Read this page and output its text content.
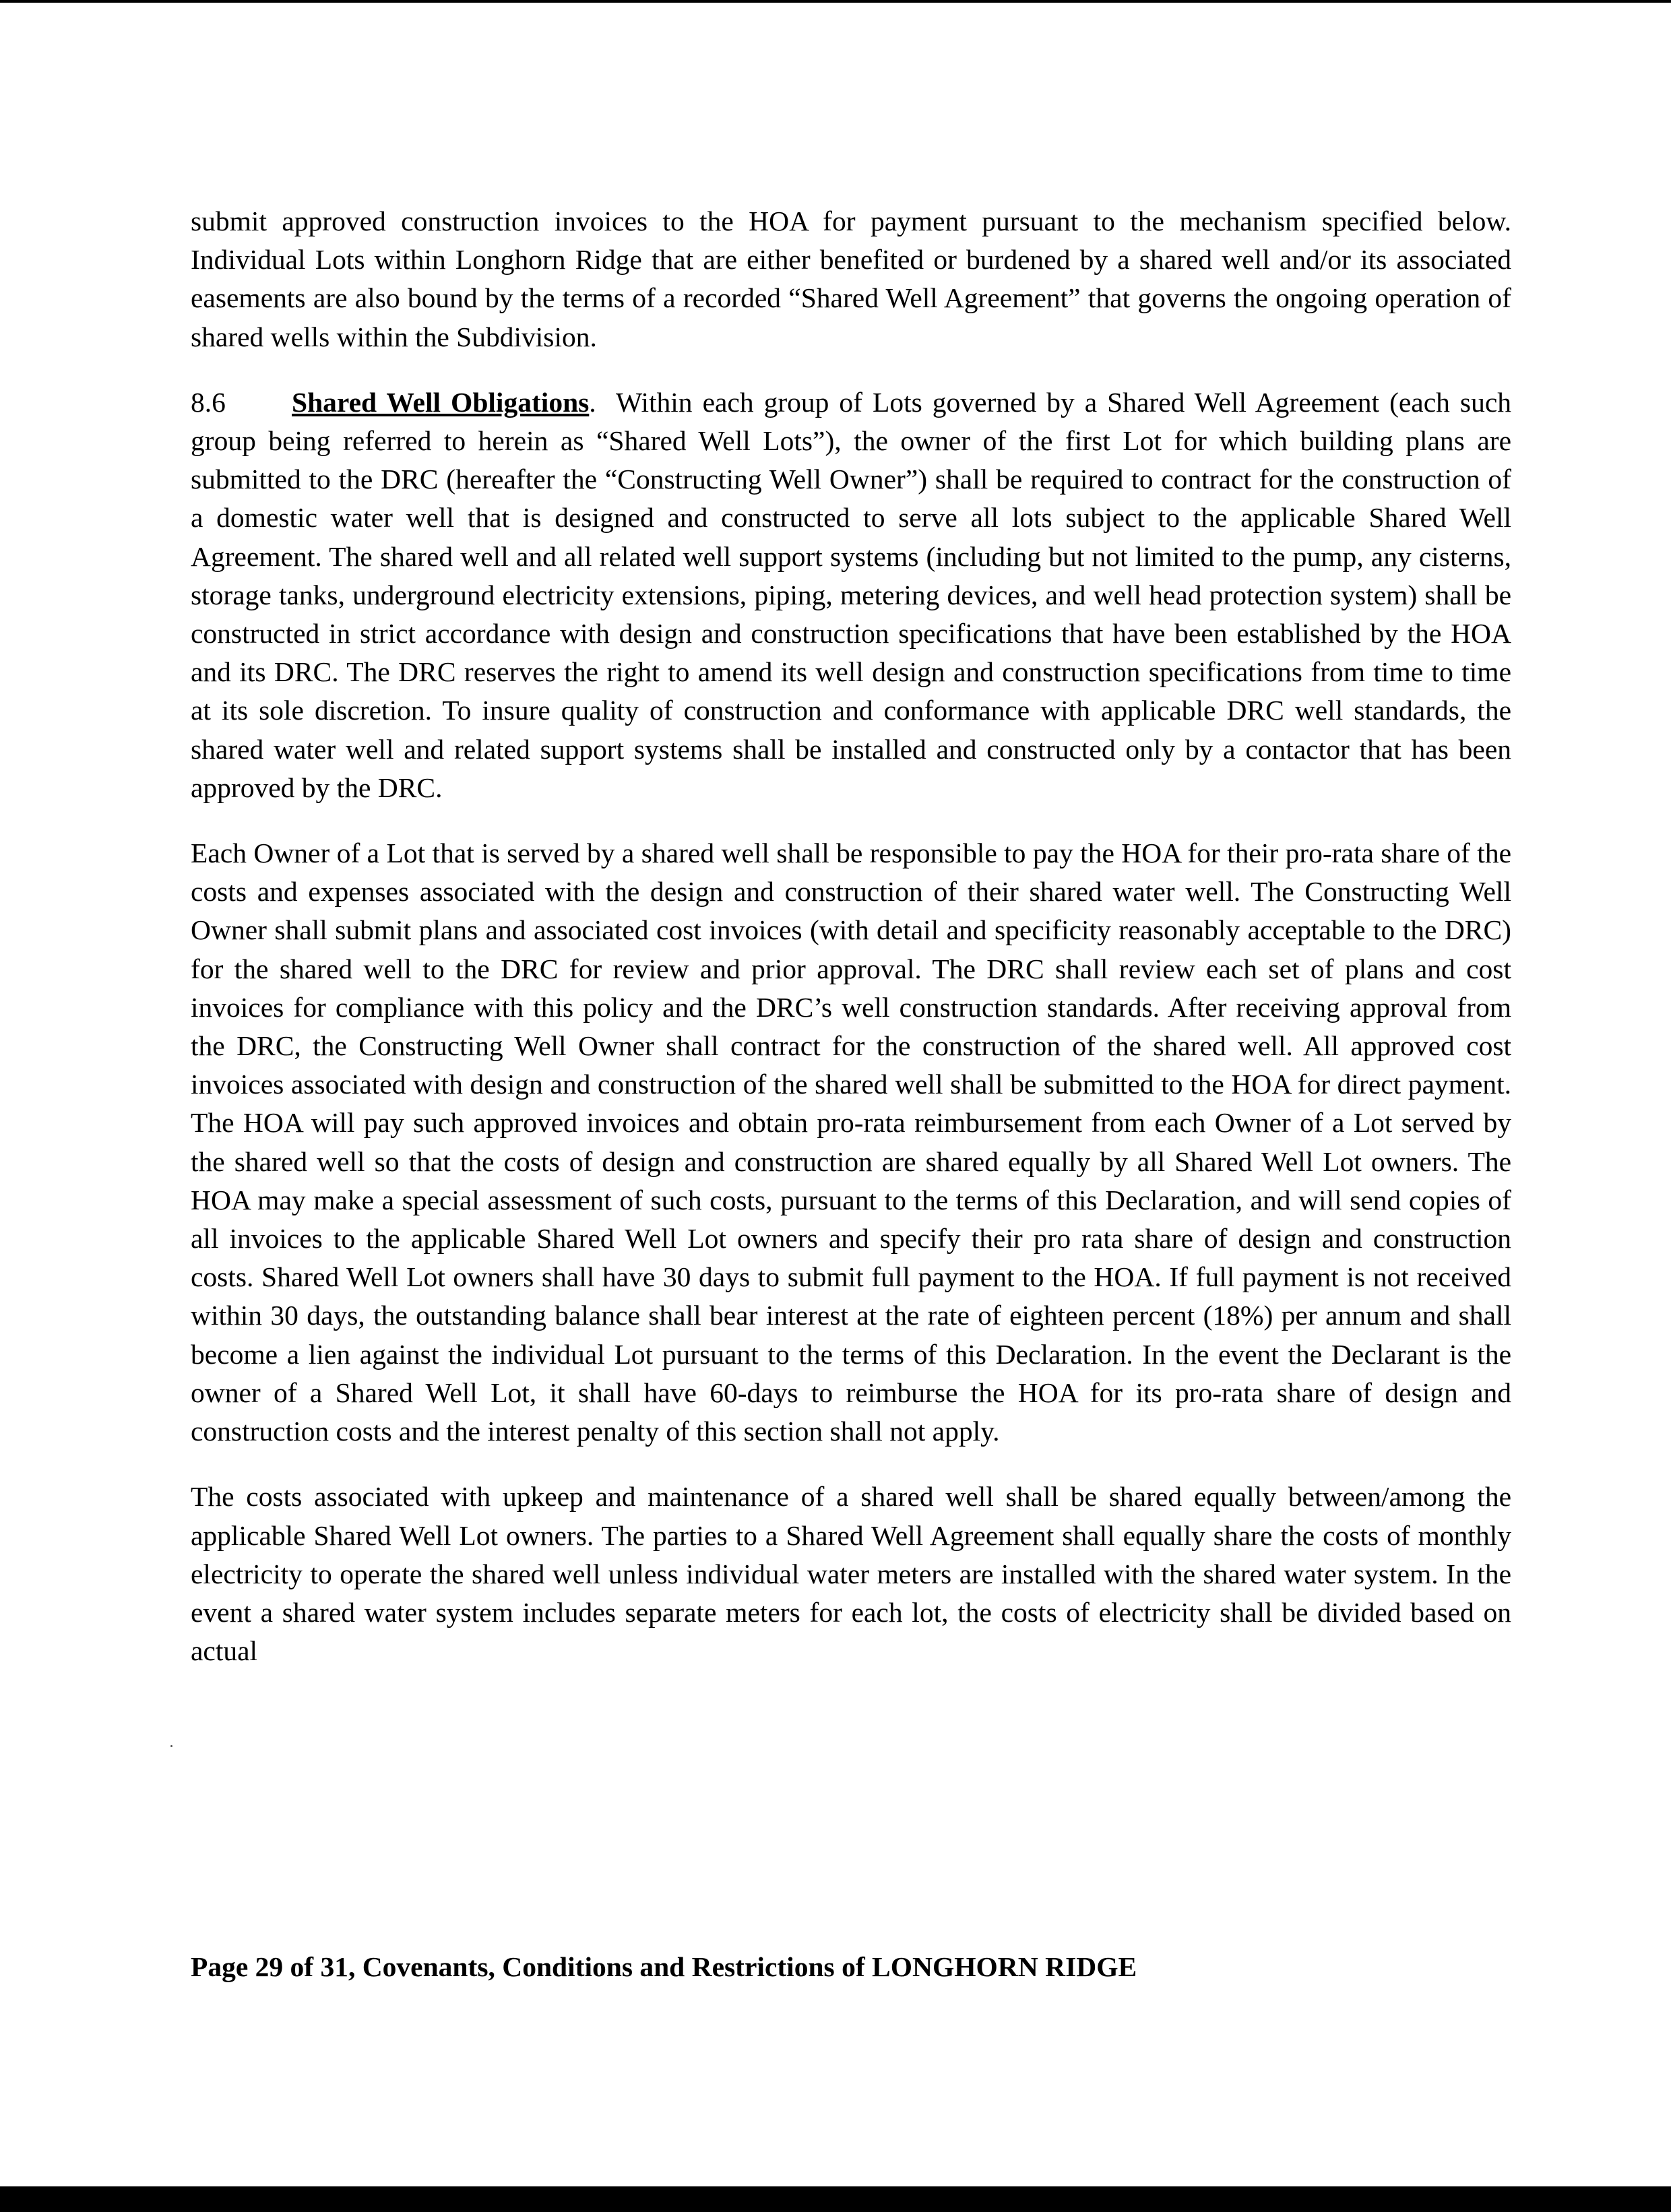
submit approved construction invoices to the HOA for payment pursuant to the mechanism specified below. Individual Lots within Longhorn Ridge that are either benefited or burdened by a shared well and/or its associated easements are also bound by the terms of a recorded “Shared Well Agreement” that governs the ongoing operation of shared wells within the Subdivision.

8.6 Shared Well Obligations. Within each group of Lots governed by a Shared Well Agreement (each such group being referred to herein as “Shared Well Lots”), the owner of the first Lot for which building plans are submitted to the DRC (hereafter the “Constructing Well Owner”) shall be required to contract for the construction of a domestic water well that is designed and constructed to serve all lots subject to the applicable Shared Well Agreement. The shared well and all related well support systems (including but not limited to the pump, any cisterns, storage tanks, underground electricity extensions, piping, metering devices, and well head protection system) shall be constructed in strict accordance with design and construction specifications that have been established by the HOA and its DRC. The DRC reserves the right to amend its well design and construction specifications from time to time at its sole discretion. To insure quality of construction and conformance with applicable DRC well standards, the shared water well and related support systems shall be installed and constructed only by a contactor that has been approved by the DRC.

Each Owner of a Lot that is served by a shared well shall be responsible to pay the HOA for their pro-rata share of the costs and expenses associated with the design and construction of their shared water well. The Constructing Well Owner shall submit plans and associated cost invoices (with detail and specificity reasonably acceptable to the DRC) for the shared well to the DRC for review and prior approval. The DRC shall review each set of plans and cost invoices for compliance with this policy and the DRC’s well construction standards. After receiving approval from the DRC, the Constructing Well Owner shall contract for the construction of the shared well. All approved cost invoices associated with design and construction of the shared well shall be submitted to the HOA for direct payment. The HOA will pay such approved invoices and obtain pro-rata reimbursement from each Owner of a Lot served by the shared well so that the costs of design and construction are shared equally by all Shared Well Lot owners. The HOA may make a special assessment of such costs, pursuant to the terms of this Declaration, and will send copies of all invoices to the applicable Shared Well Lot owners and specify their pro rata share of design and construction costs. Shared Well Lot owners shall have 30 days to submit full payment to the HOA. If full payment is not received within 30 days, the outstanding balance shall bear interest at the rate of eighteen percent (18%) per annum and shall become a lien against the individual Lot pursuant to the terms of this Declaration. In the event the Declarant is the owner of a Shared Well Lot, it shall have 60-days to reimburse the HOA for its pro-rata share of design and construction costs and the interest penalty of this section shall not apply.

The costs associated with upkeep and maintenance of a shared well shall be shared equally between/among the applicable Shared Well Lot owners. The parties to a Shared Well Agreement shall equally share the costs of monthly electricity to operate the shared well unless individual water meters are installed with the shared water system. In the event a shared water system includes separate meters for each lot, the costs of electricity shall be divided based on actual

Page 29 of 31, Covenants, Conditions and Restrictions of LONGHORN RIDGE
